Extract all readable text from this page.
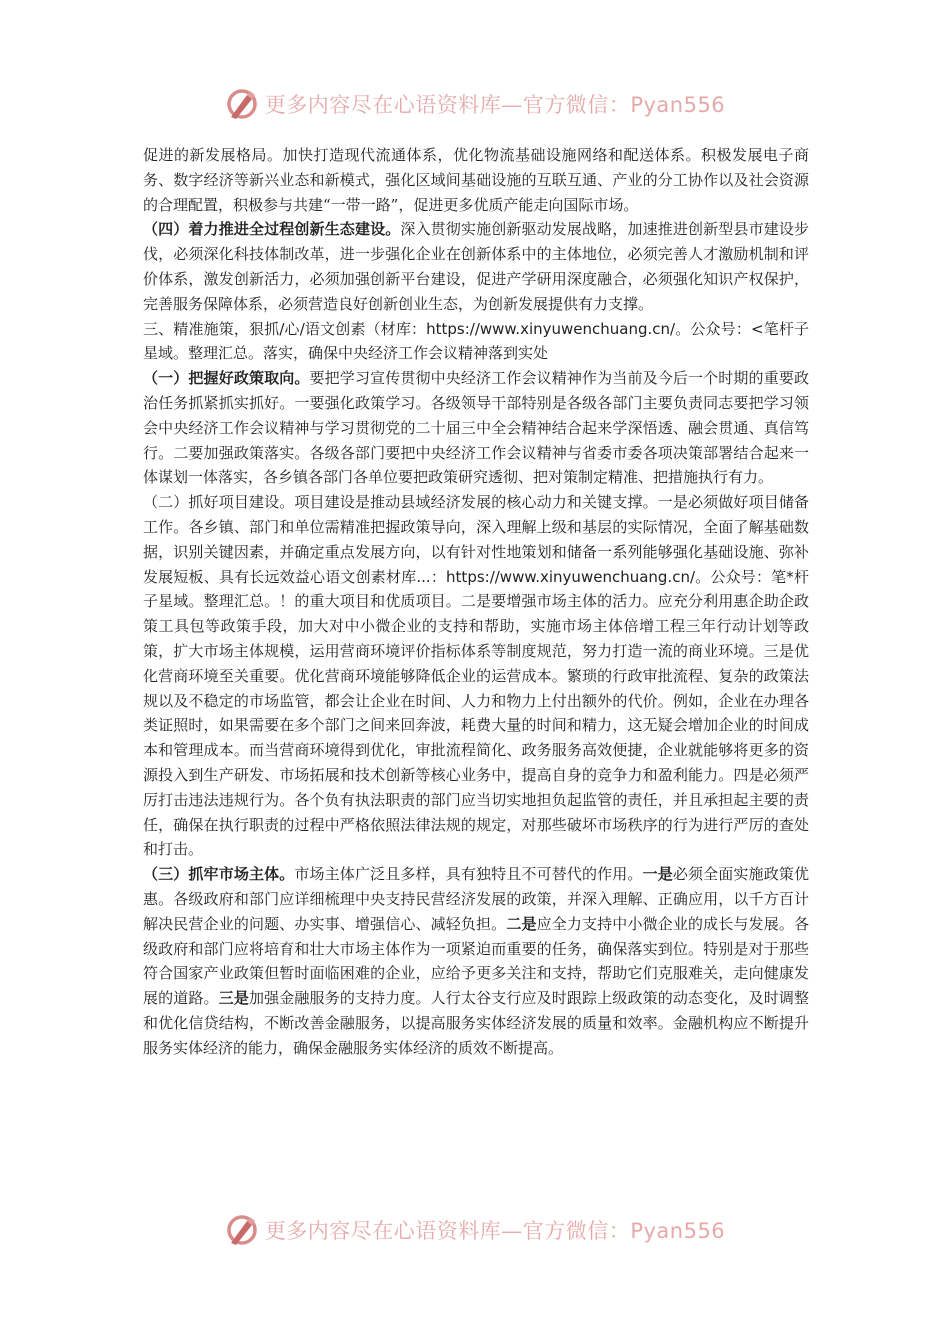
更多内容尽在心语资料库—官方微信：Pyan556

促进的新发展格局。加快打造现代流通体系，优化物流基础设施网络和配送体系。积极发展电子商务、数字经济等新兴业态和新模式，强化区域间基础设施的互联互通、产业的分工协作以及社会资源的合理配置，积极参与共建“一带一路”，促进更多优质产能走向国际市场。

（四）着力推进全过程创新生态建设。深入贯彻实施创新驱动发展战略，加速推进创新型县市建设步伐，必须深化科技体制改革，进一步强化企业在创新体系中的主体地位，必须完善人才激励机制和评价体系，激发创新活力，必须加强创新平台建设，促进产学研用深度融合，必须强化知识产权保护，完善服务保障体系，必须营造良好创新创业生态，为创新发展提供有力支撑。

三、精准施策，狠抓/心/语文创素（材库：https://www.xinyuwenchuang.cn/。公众号：<笔杆子星域。整理汇总。落实，确保中央经济工作会议精神落到实处

（一）把握好政策取向。要把学习宣传贯彻中央经济工作会议精神作为当前及今后一个时期的重要政治任务抓紧抓实抓好。一要强化政策学习。各级领导干部特别是各级各部门主要负责同志要把学习领会中央经济工作会议精神与学习贯彻党的二十届三中全会精神结合起来学深悟透、融会贯通、真信笃行。二要加强政策落实。各级各部门要把中央经济工作会议精神与省委市委各项决策部署结合起来一体谋划一体落实，各乡镇各部门各单位要把政策研究透彻、把对策制定精准、把措施执行有力。

（二）抓好项目建设。项目建设是推动县域经济发展的核心动力和关键支撑。一是必须做好项目储备工作。各乡镇、部门和单位需精准把握政策导向，深入理解上级和基层的实际情况，全面了解基础数据，识别关键因素，并确定重点发展方向，以有针对性地策划和储备一系列能够强化基础设施、弥补发展短板、具有长远效益心语文创素材库...：https://www.xinyuwenchuang.cn/。公众号：笔*杆子星域。整理汇总。！的重大项目和优质项目。二是要增强市场主体的活力。应充分利用惠企助企政策工具包等政策手段，加大对中小微企业的支持和帮助，实施市场主体倍增工程三年行动计划等政策，扩大市场主体规模，运用营商环境评价指标体系等制度规范，努力打造一流的商业环境。三是优化营商环境至关重要。优化营商环境能够降低企业的运营成本。繁琐的行政审批流程、复杂的政策法规以及不稳定的市场监管，都会让企业在时间、人力和物力上付出额外的代价。例如，企业在办理各类证照时，如果需要在多个部门之间来回奔波，耗费大量的时间和精力，这无疑会增加企业的时间成本和管理成本。而当营商环境得到优化，审批流程简化、政务服务高效便捷，企业就能够将更多的资源投入到生产研发、市场拓展和技术创新等核心业务中，提高自身的竞争力和盈利能力。四是必须严厉打击违法违规行为。各个负有执法职责的部门应当切实地担负起监管的责任，并且承担起主要的责任，确保在执行职责的过程中严格依照法律法规的规定，对那些破坏市场秩序的行为进行严厉的查处和打击。

（三）抓牢市场主体。市场主体广泛且多样，具有独特且不可替代的作用。一是必须全面实施政策优惠。各级政府和部门应详细梳理中央支持民营经济发展的政策，并深入理解、正确应用，以千方百计解决民营企业的问题、办实事、增强信心、减轻负担。二是应全力支持中小微企业的成长与发展。各级政府和部门应将培育和壮大市场主体作为一项紧迫而重要的任务，确保落实到位。特别是对于那些符合国家产业政策但暂时面临困难的企业，应给予更多关注和支持，帮助它们克服难关，走向健康发展的道路。三是加强金融服务的支持力度。人行太谷支行应及时跟踪上级政策的动态变化，及时调整和优化信贷结构，不断改善金融服务，以提高服务实体经济发展的质量和效率。金融机构应不断提升服务实体经济的能力，确保金融服务实体经济的质效不断提高。

更多内容尽在心语资料库—官方微信：Pyan556
